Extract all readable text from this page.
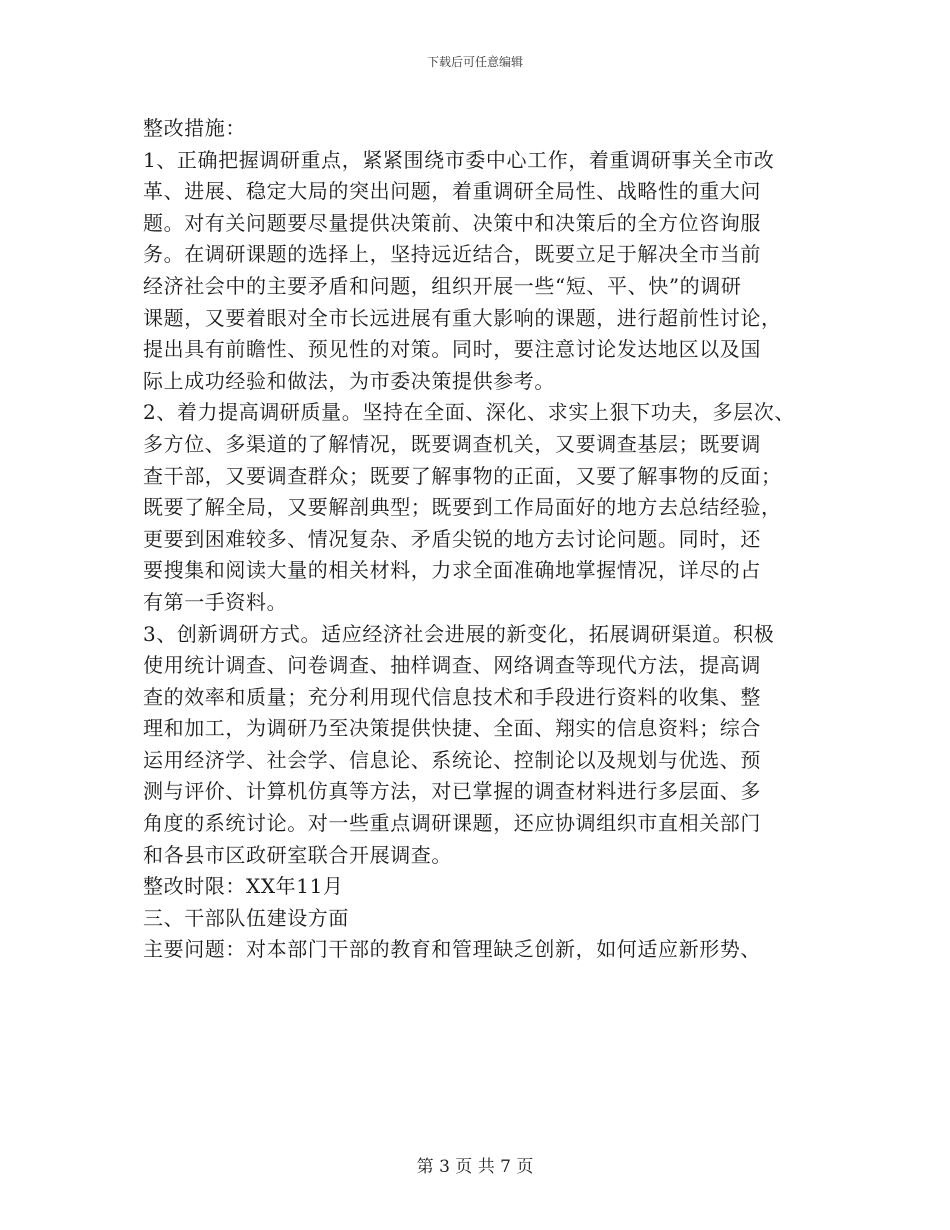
下载后可任意编辑
整改措施：
1、正确把握调研重点，紧紧围绕市委中心工作，着重调研事关全市改
革、进展、稳定大局的突出问题，着重调研全局性、战略性的重大问
题。对有关问题要尽量提供决策前、决策中和决策后的全方位咨询服
务。在调研课题的选择上，坚持远近结合，既要立足于解决全市当前
经济社会中的主要矛盾和问题，组织开展一些“短、平、快”的调研
课题，又要着眼对全市长远进展有重大影响的课题，进行超前性讨论，
提出具有前瞻性、预见性的对策。同时，要注意讨论发达地区以及国
际上成功经验和做法，为市委决策提供参考。
2、着力提高调研质量。坚持在全面、深化、求实上狠下功夫，多层次、
多方位、多渠道的了解情况，既要调查机关，又要调查基层；既要调
查干部，又要调查群众；既要了解事物的正面，又要了解事物的反面；
既要了解全局，又要解剖典型；既要到工作局面好的地方去总结经验，
更要到困难较多、情况复杂、矛盾尖锐的地方去讨论问题。同时，还
要搜集和阅读大量的相关材料，力求全面准确地掌握情况，详尽的占
有第一手资料。
3、创新调研方式。适应经济社会进展的新变化，拓展调研渠道。积极
使用统计调查、问卷调查、抽样调查、网络调查等现代方法，提高调
查的效率和质量；充分利用现代信息技术和手段进行资料的收集、整
理和加工，为调研乃至决策提供快捷、全面、翔实的信息资料；综合
运用经济学、社会学、信息论、系统论、控制论以及规划与优选、预
测与评价、计算机仿真等方法，对已掌握的调查材料进行多层面、多
角度的系统讨论。对一些重点调研课题，还应协调组织市直相关部门
和各县市区政研室联合开展调查。
整改时限：XX年11月
三、干部队伍建设方面
主要问题：对本部门干部的教育和管理缺乏创新，如何适应新形势、
第 3 页 共 7 页
